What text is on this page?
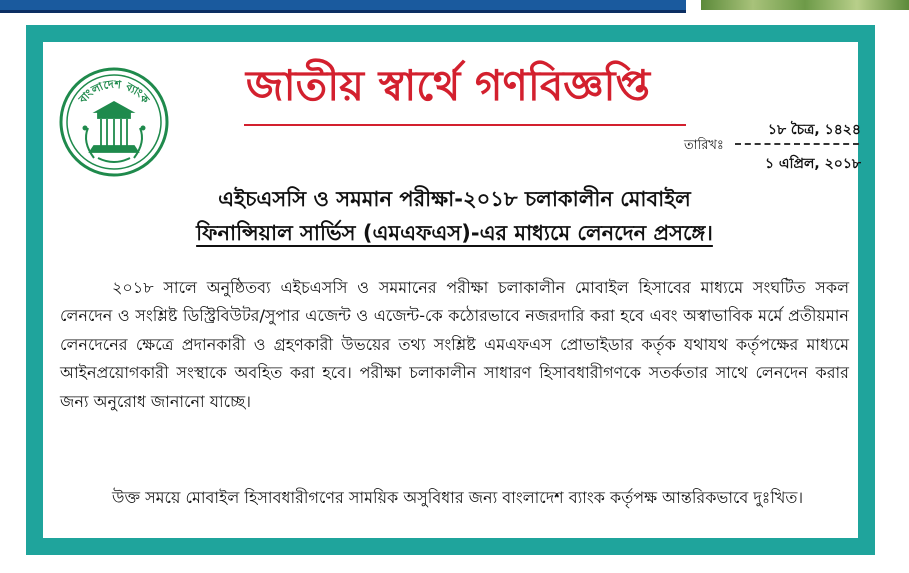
বাংলাদেশ ব্যাংক	জাতীয় স্বার্থে গণবিজ্ঞপ্তি
১৮ চৈত্র, ১৪২৪
তারিখঃ
১ এপ্রিল, ২০১৮
এইচএসসি ও সমমান পরীক্ষা-২০১৮ চলাকালীন মোবাইল
ফিনান্সিয়াল সার্ভিস (এমএফএস)-এর মাধ্যমে লেনদেন প্রসঙ্গে।

২০১৮ সালে অনুষ্ঠিতব্য এইচএসসি ও সমমানের পরীক্ষা চলাকালীন মোবাইল হিসাবের মাধ্যমে সংঘটিত সকল লেনদেন ও সংশ্লিষ্ট ডিস্ট্রিবিউটর/সুপার এজেন্ট ও এজেন্ট-কে কঠোরভাবে নজরদারি করা হবে এবং অস্বাভাবিক মর্মে প্রতীয়মান লেনদেনের ক্ষেত্রে প্রদানকারী ও গ্রহণকারী উভয়ের তথ্য সংশ্লিষ্ট এমএফএস প্রোভাইডার কর্তৃক যথাযথ কর্তৃপক্ষের মাধ্যমে আইনপ্রয়োগকারী সংস্থাকে অবহিত করা হবে। পরীক্ষা চলাকালীন সাধারণ হিসাবধারীগণকে সতর্কতার সাথে লেনদেন করার জন্য অনুরোধ জানানো যাচ্ছে।

উক্ত সময়ে মোবাইল হিসাবধারীগণের সাময়িক অসুবিধার জন্য বাংলাদেশ ব্যাংক কর্তৃপক্ষ আন্তরিকভাবে দুঃখিত।
